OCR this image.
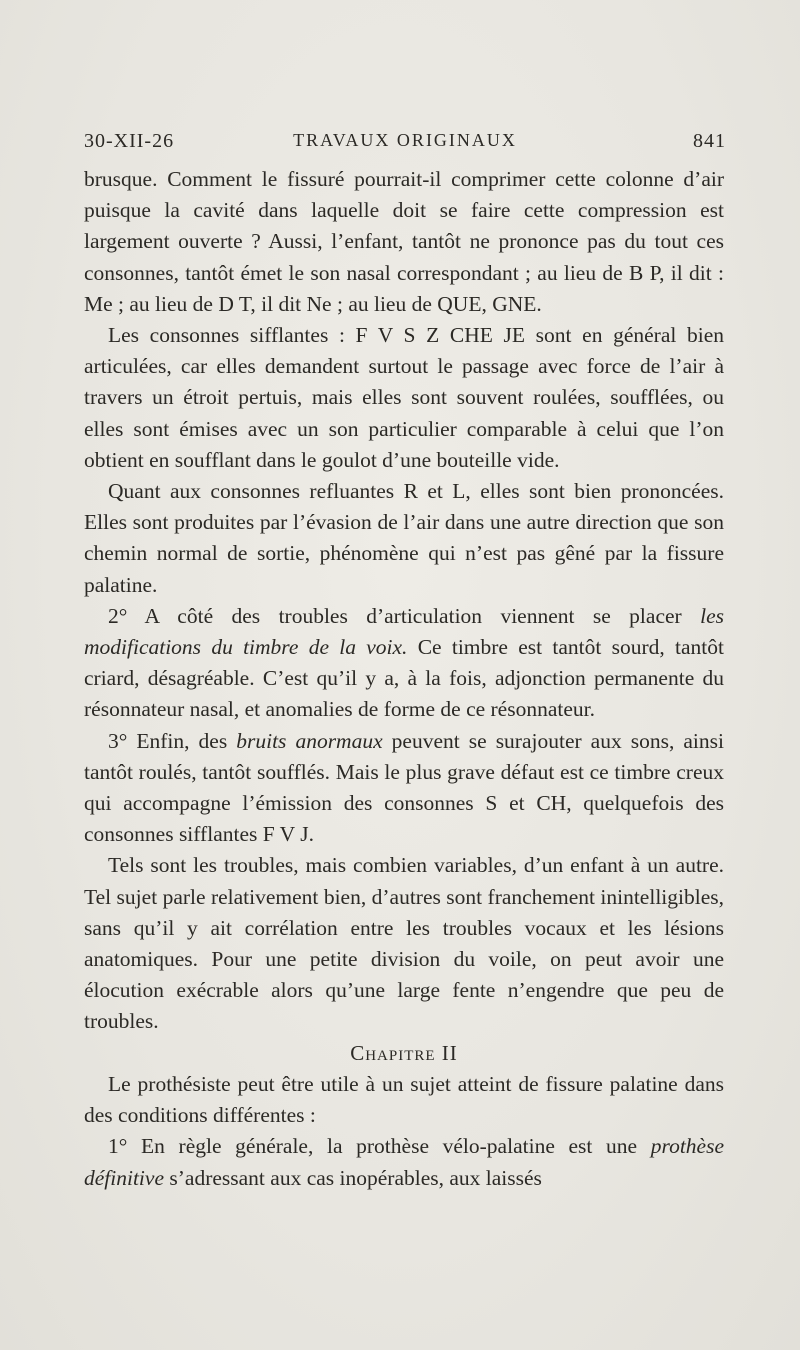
30-XII-26	TRAVAUX ORIGINAUX	841

brusque. Comment le fissuré pourrait-il comprimer cette colonne d’air puisque la cavité dans laquelle doit se faire cette compression est largement ouverte ? Aussi, l’enfant, tantôt ne prononce pas du tout ces consonnes, tantôt émet le son nasal correspondant ; au lieu de B P, il dit : Me ; au lieu de D T, il dit Ne ; au lieu de QUE, GNE.

Les consonnes sifflantes : F V S Z CHE JE sont en général bien articulées, car elles demandent surtout le passage avec force de l’air à travers un étroit pertuis, mais elles sont souvent roulées, soufflées, ou elles sont émises avec un son particulier comparable à celui que l’on obtient en soufflant dans le goulot d’une bouteille vide.

Quant aux consonnes refluantes R et L, elles sont bien prononcées. Elles sont produites par l’évasion de l’air dans une autre direction que son chemin normal de sortie, phénomène qui n’est pas gêné par la fissure palatine.

2° A côté des troubles d’articulation viennent se placer les modifications du timbre de la voix. Ce timbre est tantôt sourd, tantôt criard, désagréable. C’est qu’il y a, à la fois, adjonction permanente du résonnateur nasal, et anomalies de forme de ce résonnateur.

3° Enfin, des bruits anormaux peuvent se surajouter aux sons, ainsi tantôt roulés, tantôt soufflés. Mais le plus grave défaut est ce timbre creux qui accompagne l’émission des consonnes S et CH, quelquefois des consonnes sifflantes F V J.

Tels sont les troubles, mais combien variables, d’un enfant à un autre. Tel sujet parle relativement bien, d’autres sont franchement inintelligibles, sans qu’il y ait corrélation entre les troubles vocaux et les lésions anatomiques. Pour une petite division du voile, on peut avoir une élocution exécrable alors qu’une large fente n’engendre que peu de troubles.

Chapitre II

Le prothésiste peut être utile à un sujet atteint de fissure palatine dans des conditions différentes :

1° En règle générale, la prothèse vélo-palatine est une prothèse définitive s’adressant aux cas inopérables, aux laissés
